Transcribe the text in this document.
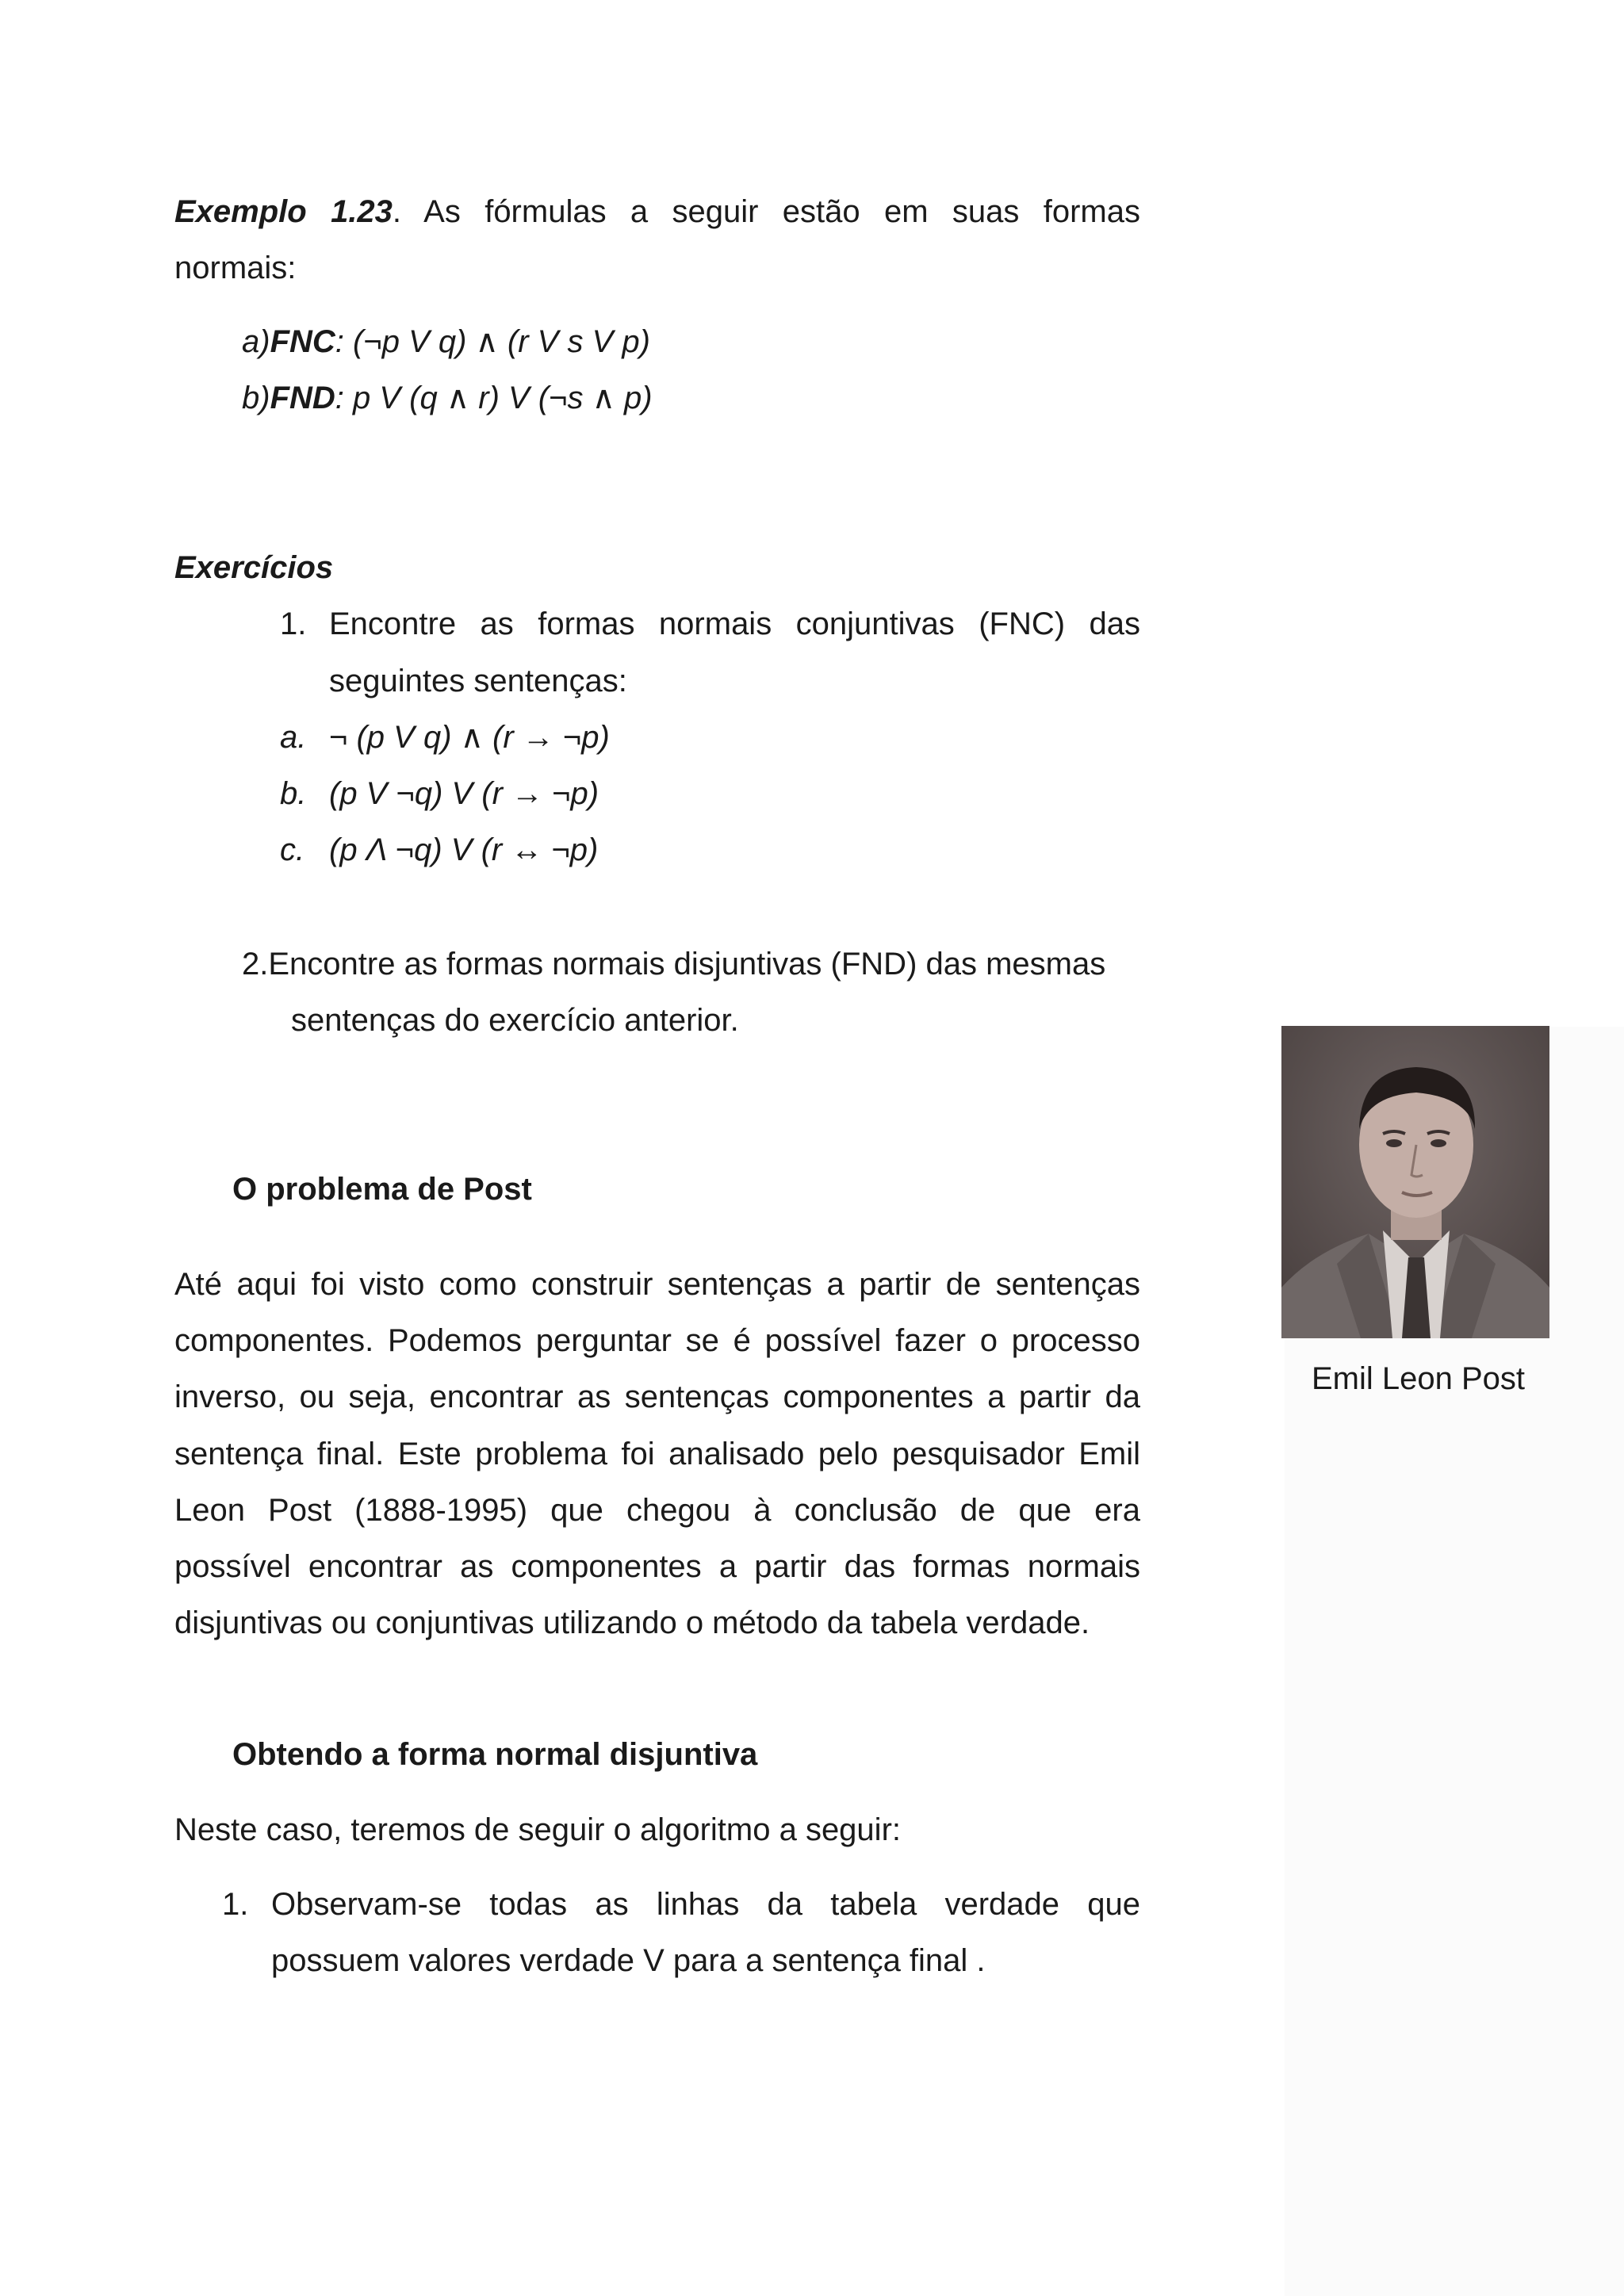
Exemplo 1.23. As fórmulas a seguir estão em suas formas
normais:
a)FNC: (¬p V q) ∧ (r V s V p)
b)FND: p V (q ∧ r) V (¬s ∧ p)
Exercícios
1. Encontre as formas normais conjuntivas (FNC) das
seguintes sentenças:
a. ¬ (p V q) ∧ (r → ¬p)
b. (p V ¬q) V (r → ¬p)
c. (p Λ ¬q) V (r ↔ ¬p)
2.Encontre as formas normais disjuntivas (FND) das mesmas
sentenças do exercício anterior.
O problema de Post
Até aqui foi visto como construir sentenças a partir de sentenças
componentes. Podemos perguntar se é possível fazer o processo
inverso, ou seja, encontrar as sentenças componentes a partir da
sentença final. Este problema foi analisado pelo pesquisador Emil
Leon Post (1888-1995) que chegou à conclusão de que era
possível encontrar as componentes a partir das formas normais
disjuntivas ou conjuntivas utilizando o método da tabela verdade.
Emil Leon Post
Obtendo a forma normal disjuntiva
Neste caso, teremos de seguir o algoritmo a seguir:
1. Observam-se todas as linhas da tabela verdade que
possuem valores verdade V para a sentença final .
